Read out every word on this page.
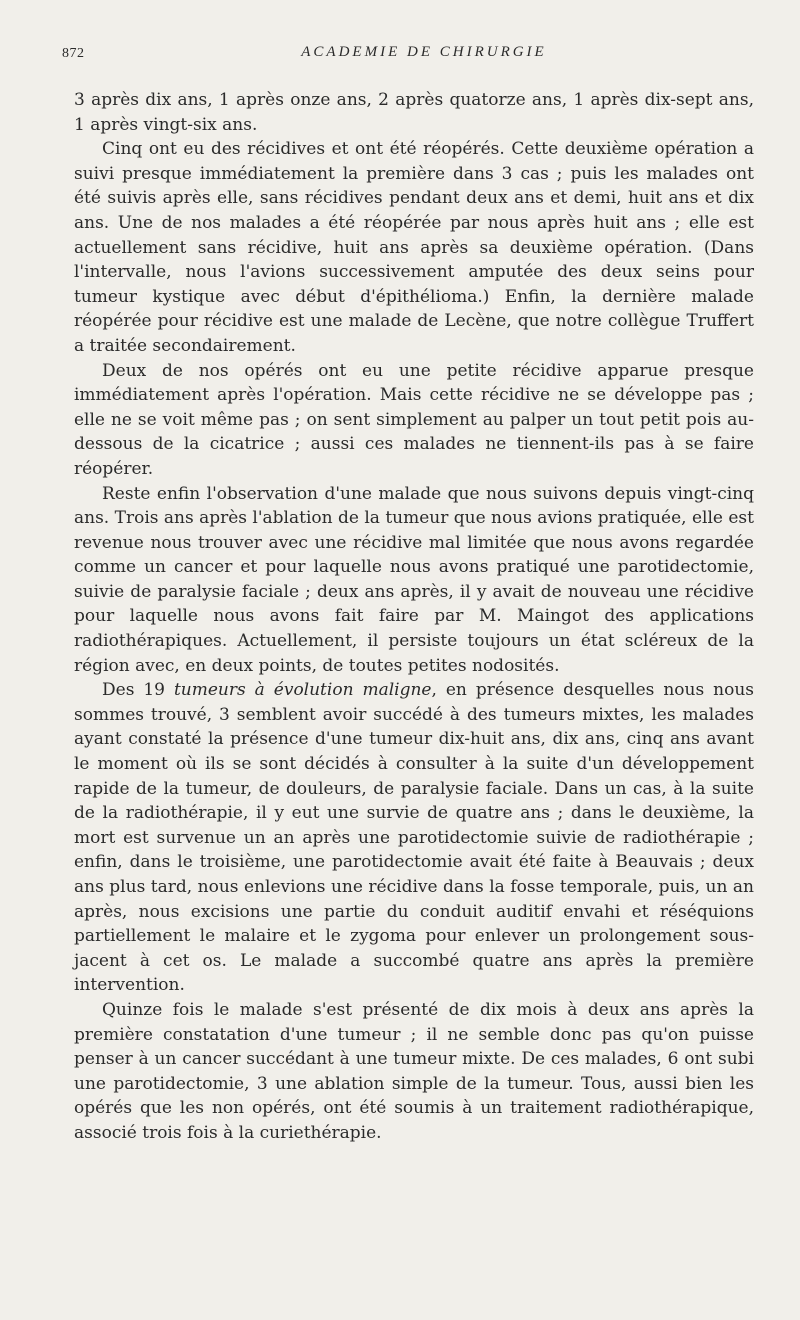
872	ACADEMIE DE CHIRURGIE

3 après dix ans, 1 après onze ans, 2 après quatorze ans, 1 après dix-sept ans, 1 après vingt-six ans.

Cinq ont eu des récidives et ont été réopérés. Cette deuxième opération a suivi presque immédiatement la première dans 3 cas ; puis les malades ont été suivis après elle, sans récidives pendant deux ans et demi, huit ans et dix ans. Une de nos malades a été réopérée par nous après huit ans ; elle est actuellement sans récidive, huit ans après sa deuxième opération. (Dans l'intervalle, nous l'avions successivement amputée des deux seins pour tumeur kystique avec début d'épithélioma.) Enfin, la dernière malade réopérée pour récidive est une malade de Lecène, que notre collègue Truffert a traitée secondairement.

Deux de nos opérés ont eu une petite récidive apparue presque immédiatement après l'opération. Mais cette récidive ne se développe pas ; elle ne se voit même pas ; on sent simplement au palper un tout petit pois au-dessous de la cicatrice ; aussi ces malades ne tiennent-ils pas à se faire réopérer.

Reste enfin l'observation d'une malade que nous suivons depuis vingt-cinq ans. Trois ans après l'ablation de la tumeur que nous avions pratiquée, elle est revenue nous trouver avec une récidive mal limitée que nous avons regardée comme un cancer et pour laquelle nous avons pratiqué une parotidectomie, suivie de paralysie faciale ; deux ans après, il y avait de nouveau une récidive pour laquelle nous avons fait faire par M. Maingot des applications radiothérapiques. Actuellement, il persiste toujours un état scléreux de la région avec, en deux points, de toutes petites nodosités.

Des 19 tumeurs à évolution maligne, en présence desquelles nous nous sommes trouvé, 3 semblent avoir succédé à des tumeurs mixtes, les malades ayant constaté la présence d'une tumeur dix-huit ans, dix ans, cinq ans avant le moment où ils se sont décidés à consulter à la suite d'un développement rapide de la tumeur, de douleurs, de paralysie faciale. Dans un cas, à la suite de la radiothérapie, il y eut une survie de quatre ans ; dans le deuxième, la mort est survenue un an après une parotidectomie suivie de radiothérapie ; enfin, dans le troisième, une parotidectomie avait été faite à Beauvais ; deux ans plus tard, nous enlevions une récidive dans la fosse temporale, puis, un an après, nous excisions une partie du conduit auditif envahi et réséquions partiellement le malaire et le zygoma pour enlever un prolongement sous-jacent à cet os. Le malade a succombé quatre ans après la première intervention.

Quinze fois le malade s'est présenté de dix mois à deux ans après la première constatation d'une tumeur ; il ne semble donc pas qu'on puisse penser à un cancer succédant à une tumeur mixte. De ces malades, 6 ont subi une parotidectomie, 3 une ablation simple de la tumeur. Tous, aussi bien les opérés que les non opérés, ont été soumis à un traitement radiothérapique, associé trois fois à la curiethérapie.
